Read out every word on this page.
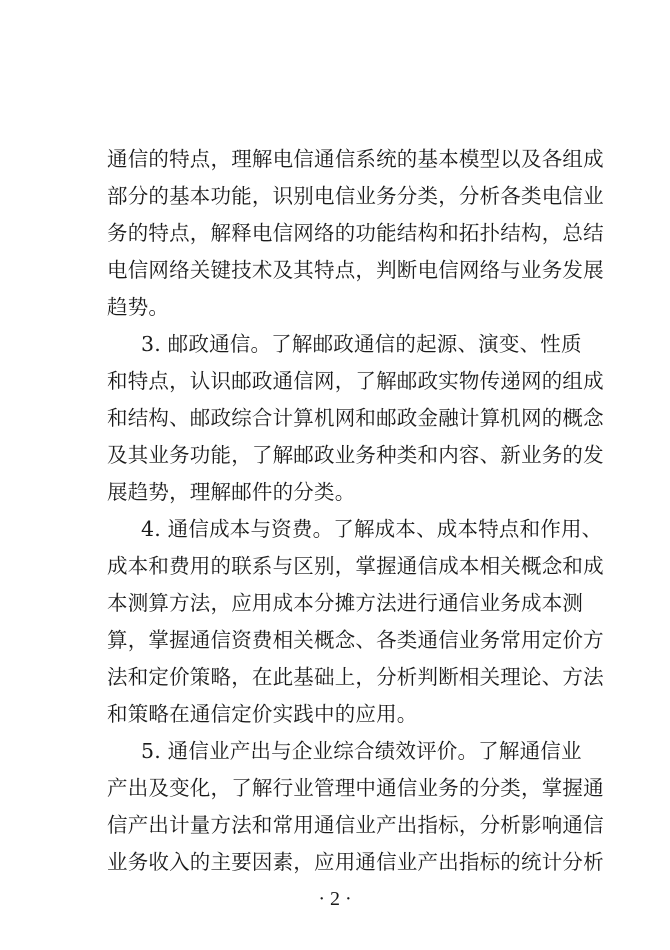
通信的特点，理解电信通信系统的基本模型以及各组成
部分的基本功能，识别电信业务分类，分析各类电信业
务的特点，解释电信网络的功能结构和拓扑结构，总结
电信网络关键技术及其特点，判断电信网络与业务发展
趋势。
3. 邮政通信。了解邮政通信的起源、演变、性质
和特点，认识邮政通信网，了解邮政实物传递网的组成
和结构、邮政综合计算机网和邮政金融计算机网的概念
及其业务功能，了解邮政业务种类和内容、新业务的发
展趋势，理解邮件的分类。
4. 通信成本与资费。了解成本、成本特点和作用、
成本和费用的联系与区别，掌握通信成本相关概念和成
本测算方法，应用成本分摊方法进行通信业务成本测
算，掌握通信资费相关概念、各类通信业务常用定价方
法和定价策略，在此基础上，分析判断相关理论、方法
和策略在通信定价实践中的应用。
5. 通信业产出与企业综合绩效评价。了解通信业
产出及变化，了解行业管理中通信业务的分类，掌握通
信产出计量方法和常用通信业产出指标，分析影响通信
业务收入的主要因素，应用通信业产出指标的统计分析
· 2 ·
